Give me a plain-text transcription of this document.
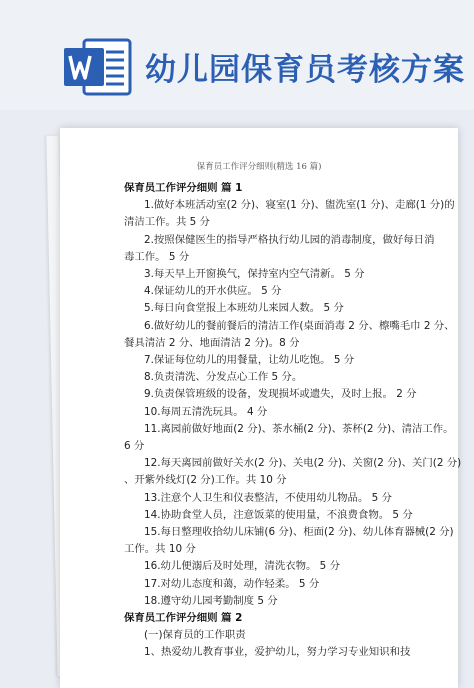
幼儿园保育员考核方案
保育员工作评分细则(精选 16 篇)
保育员工作评分细则 篇 1
1.做好本班活动室(2 分)、寝室(1 分)、盥洗室(1 分)、走廊(1 分)的
清洁工作。共 5 分
2.按照保健医生的指导严格执行幼儿园的消毒制度，做好每日消
毒工作。 5 分
3.每天早上开窗换气，保持室内空气清新。 5 分
4.保证幼儿的开水供应。 5 分
5.每日向食堂报上本班幼儿来园人数。 5 分
6.做好幼儿的餐前餐后的清洁工作(桌面消毒 2 分、檫嘴毛巾 2 分、
餐具清洁 2 分、地面清洁 2 分)。8 分
7.保证每位幼儿的用餐量，让幼儿吃饱。 5 分
8.负责清洗、分发点心工作 5 分。
9.负责保管班级的设备，发现损坏或遗失，及时上报。 2 分
10.每周五清洗玩具。 4 分
11.离园前做好地面(2 分)、茶水桶(2 分)、茶杯(2 分)、清洁工作。
6 分
12.每天离园前做好关水(2 分)、关电(2 分)、关窗(2 分)、关门(2 分)
、开紫外线灯(2 分)工作。共 10 分
13.注意个人卫生和仪表整洁，不使用幼儿物品。 5 分
14.协助食堂人员，注意饭菜的使用量，不浪费食物。 5 分
15.每日整理收拾幼儿床铺(6 分)、柜面(2 分)、幼儿体育器械(2 分)
工作。共 10 分
16.幼儿便溺后及时处理，清洗衣物。 5 分
17.对幼儿态度和蔼，动作轻柔。 5 分
18.遵守幼儿园考勤制度 5 分
保育员工作评分细则 篇 2
(一)保育员的工作职责
1、热爱幼儿教育事业，爱护幼儿，努力学习专业知识和技
